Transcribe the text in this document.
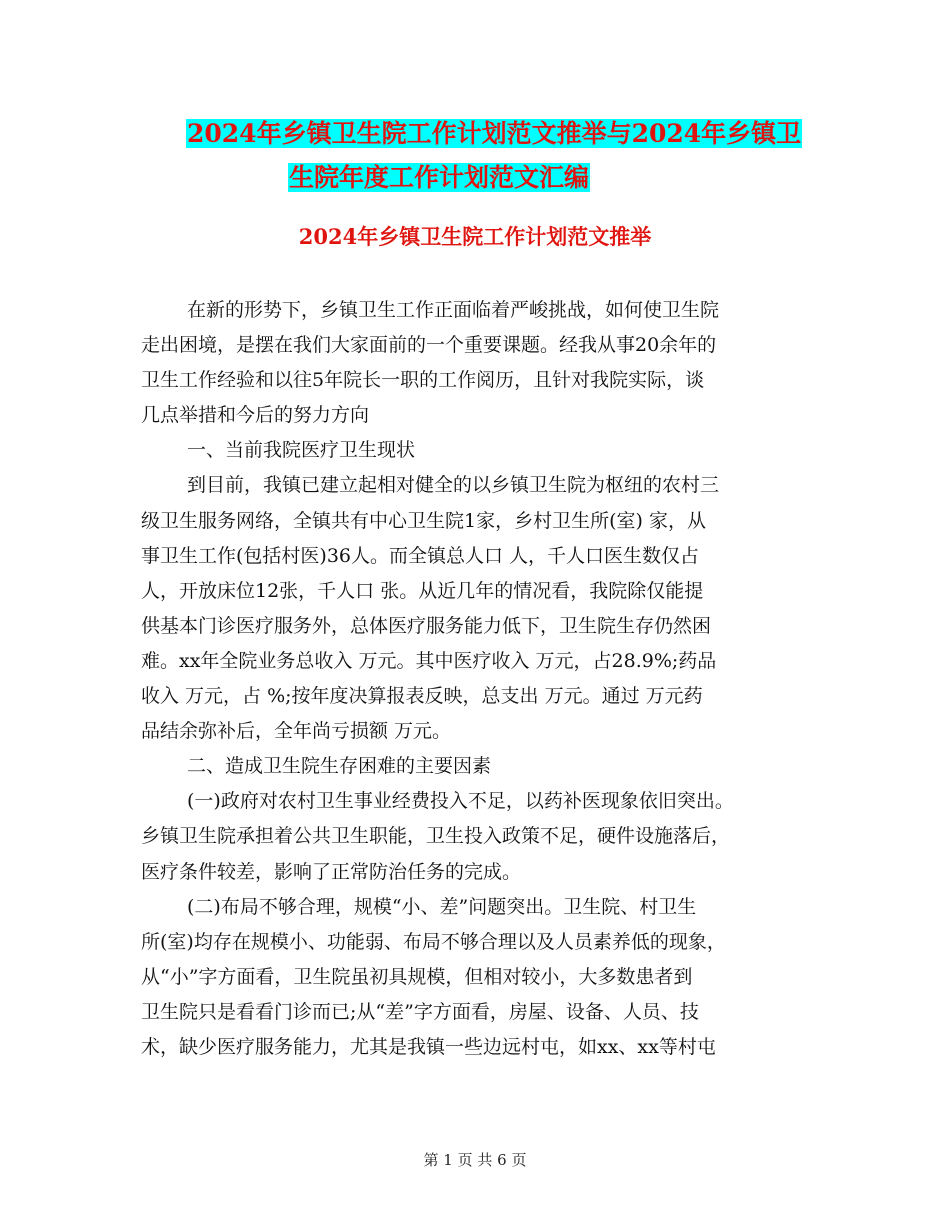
2024年乡镇卫生院工作计划范文推举与2024年乡镇卫
生院年度工作计划范文汇编
2024年乡镇卫生院工作计划范文推举
在新的形势下，乡镇卫生工作正面临着严峻挑战，如何使卫生院
走出困境，是摆在我们大家面前的一个重要课题。经我从事20余年的
卫生工作经验和以往5年院长一职的工作阅历，且针对我院实际，谈
几点举措和今后的努力方向
一、当前我院医疗卫生现状
到目前，我镇已建立起相对健全的以乡镇卫生院为枢纽的农村三
级卫生服务网络，全镇共有中心卫生院1家，乡村卫生所(室) 家，从
事卫生工作(包括村医)36人。而全镇总人口 人，千人口医生数仅占
人，开放床位12张，千人口 张。从近几年的情况看，我院除仅能提
供基本门诊医疗服务外，总体医疗服务能力低下，卫生院生存仍然困
难。xx年全院业务总收入 万元。其中医疗收入 万元，占28.9%;药品
收入 万元，占 %;按年度决算报表反映，总支出 万元。通过 万元药
品结余弥补后，全年尚亏损额 万元。
二、造成卫生院生存困难的主要因素
(一)政府对农村卫生事业经费投入不足，以药补医现象依旧突出。
乡镇卫生院承担着公共卫生职能，卫生投入政策不足，硬件设施落后，
医疗条件较差，影响了正常防治任务的完成。
(二)布局不够合理，规模“小、差”问题突出。卫生院、村卫生
所(室)均存在规模小、功能弱、布局不够合理以及人员素养低的现象，
从“小”字方面看，卫生院虽初具规模，但相对较小，大多数患者到
卫生院只是看看门诊而已;从“差”字方面看，房屋、设备、人员、技
术，缺少医疗服务能力，尤其是我镇一些边远村屯，如xx、xx等村屯
第 1 页 共 6 页
